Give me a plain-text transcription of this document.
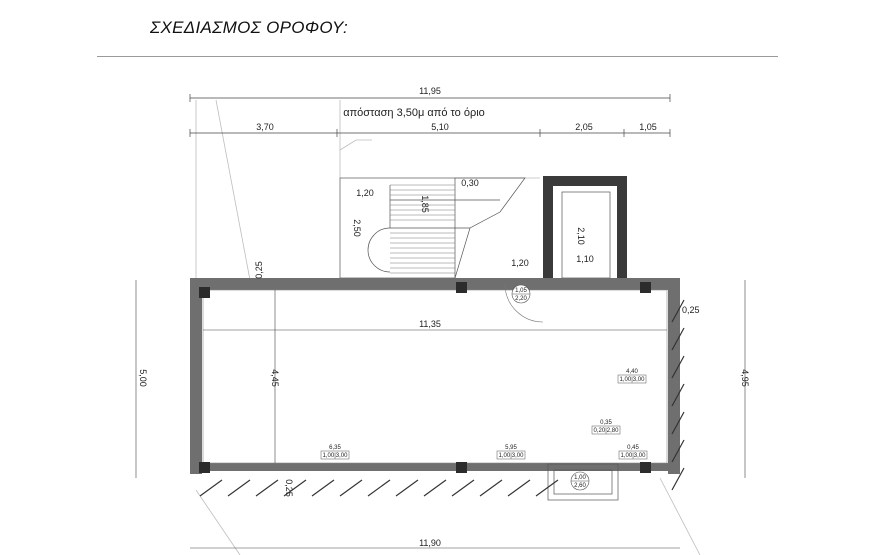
ΣΧΕΔΙΑΣΜΟΣ ΟΡΟΦΟΥ:
11,95
απόσταση 3,50μ από το όριο
3,70	5,10	2,05	1,05
1,20
2,50
0,30
1,85
1,20
2,10
1,10
0,25
0,25
11,35
4,45
5,00	4,95
0,25
11,90
1,05
2,20
4,40
1,00|3,00
6,35
1,00|3,00
5,95
1,00|3,00
0,35
0,20|2,80
0,45
1,00|3,00
1,00
2,60
